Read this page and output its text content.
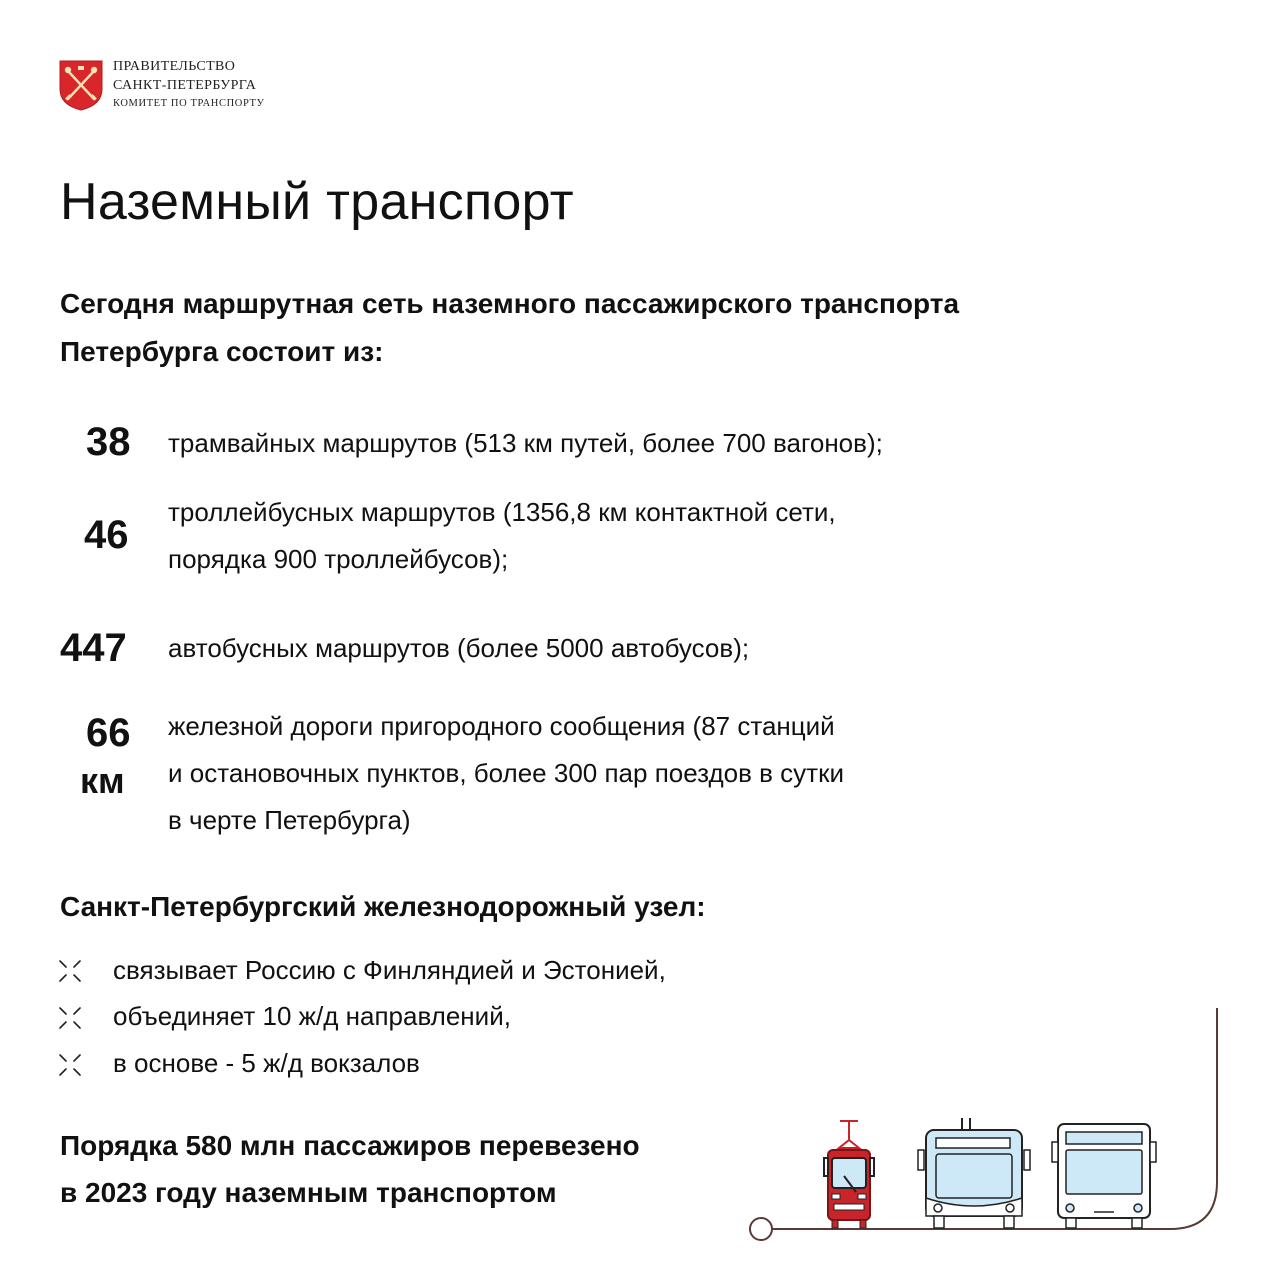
ПРАВИТЕЛЬСТВО
САНКТ-ПЕТЕРБУРГА
КОМИТЕТ ПО ТРАНСПОРТУ
Наземный транспорт
Сегодня маршрутная сеть наземного пассажирского транспорта
Петербурга состоит из:
38 трамвайных маршрутов (513 км путей, более 700 вагонов);
46
троллейбусных маршрутов (1356,8 км контактной сети,
порядка 900 троллейбусов);
447 автобусных маршрутов (более 5000 автобусов);
66
км
железной дороги пригородного сообщения (87 станций
и остановочных пунктов, более 300 пар поездов в сутки
в черте Петербурга)
Санкт-Петербургский железнодорожный узел:
связывает Россию с Финляндией и Эстонией,
объединяет 10 ж/д направлений,
в основе - 5 ж/д вокзалов
Порядка 580 млн пассажиров перевезено
в 2023 году наземным транспортом
